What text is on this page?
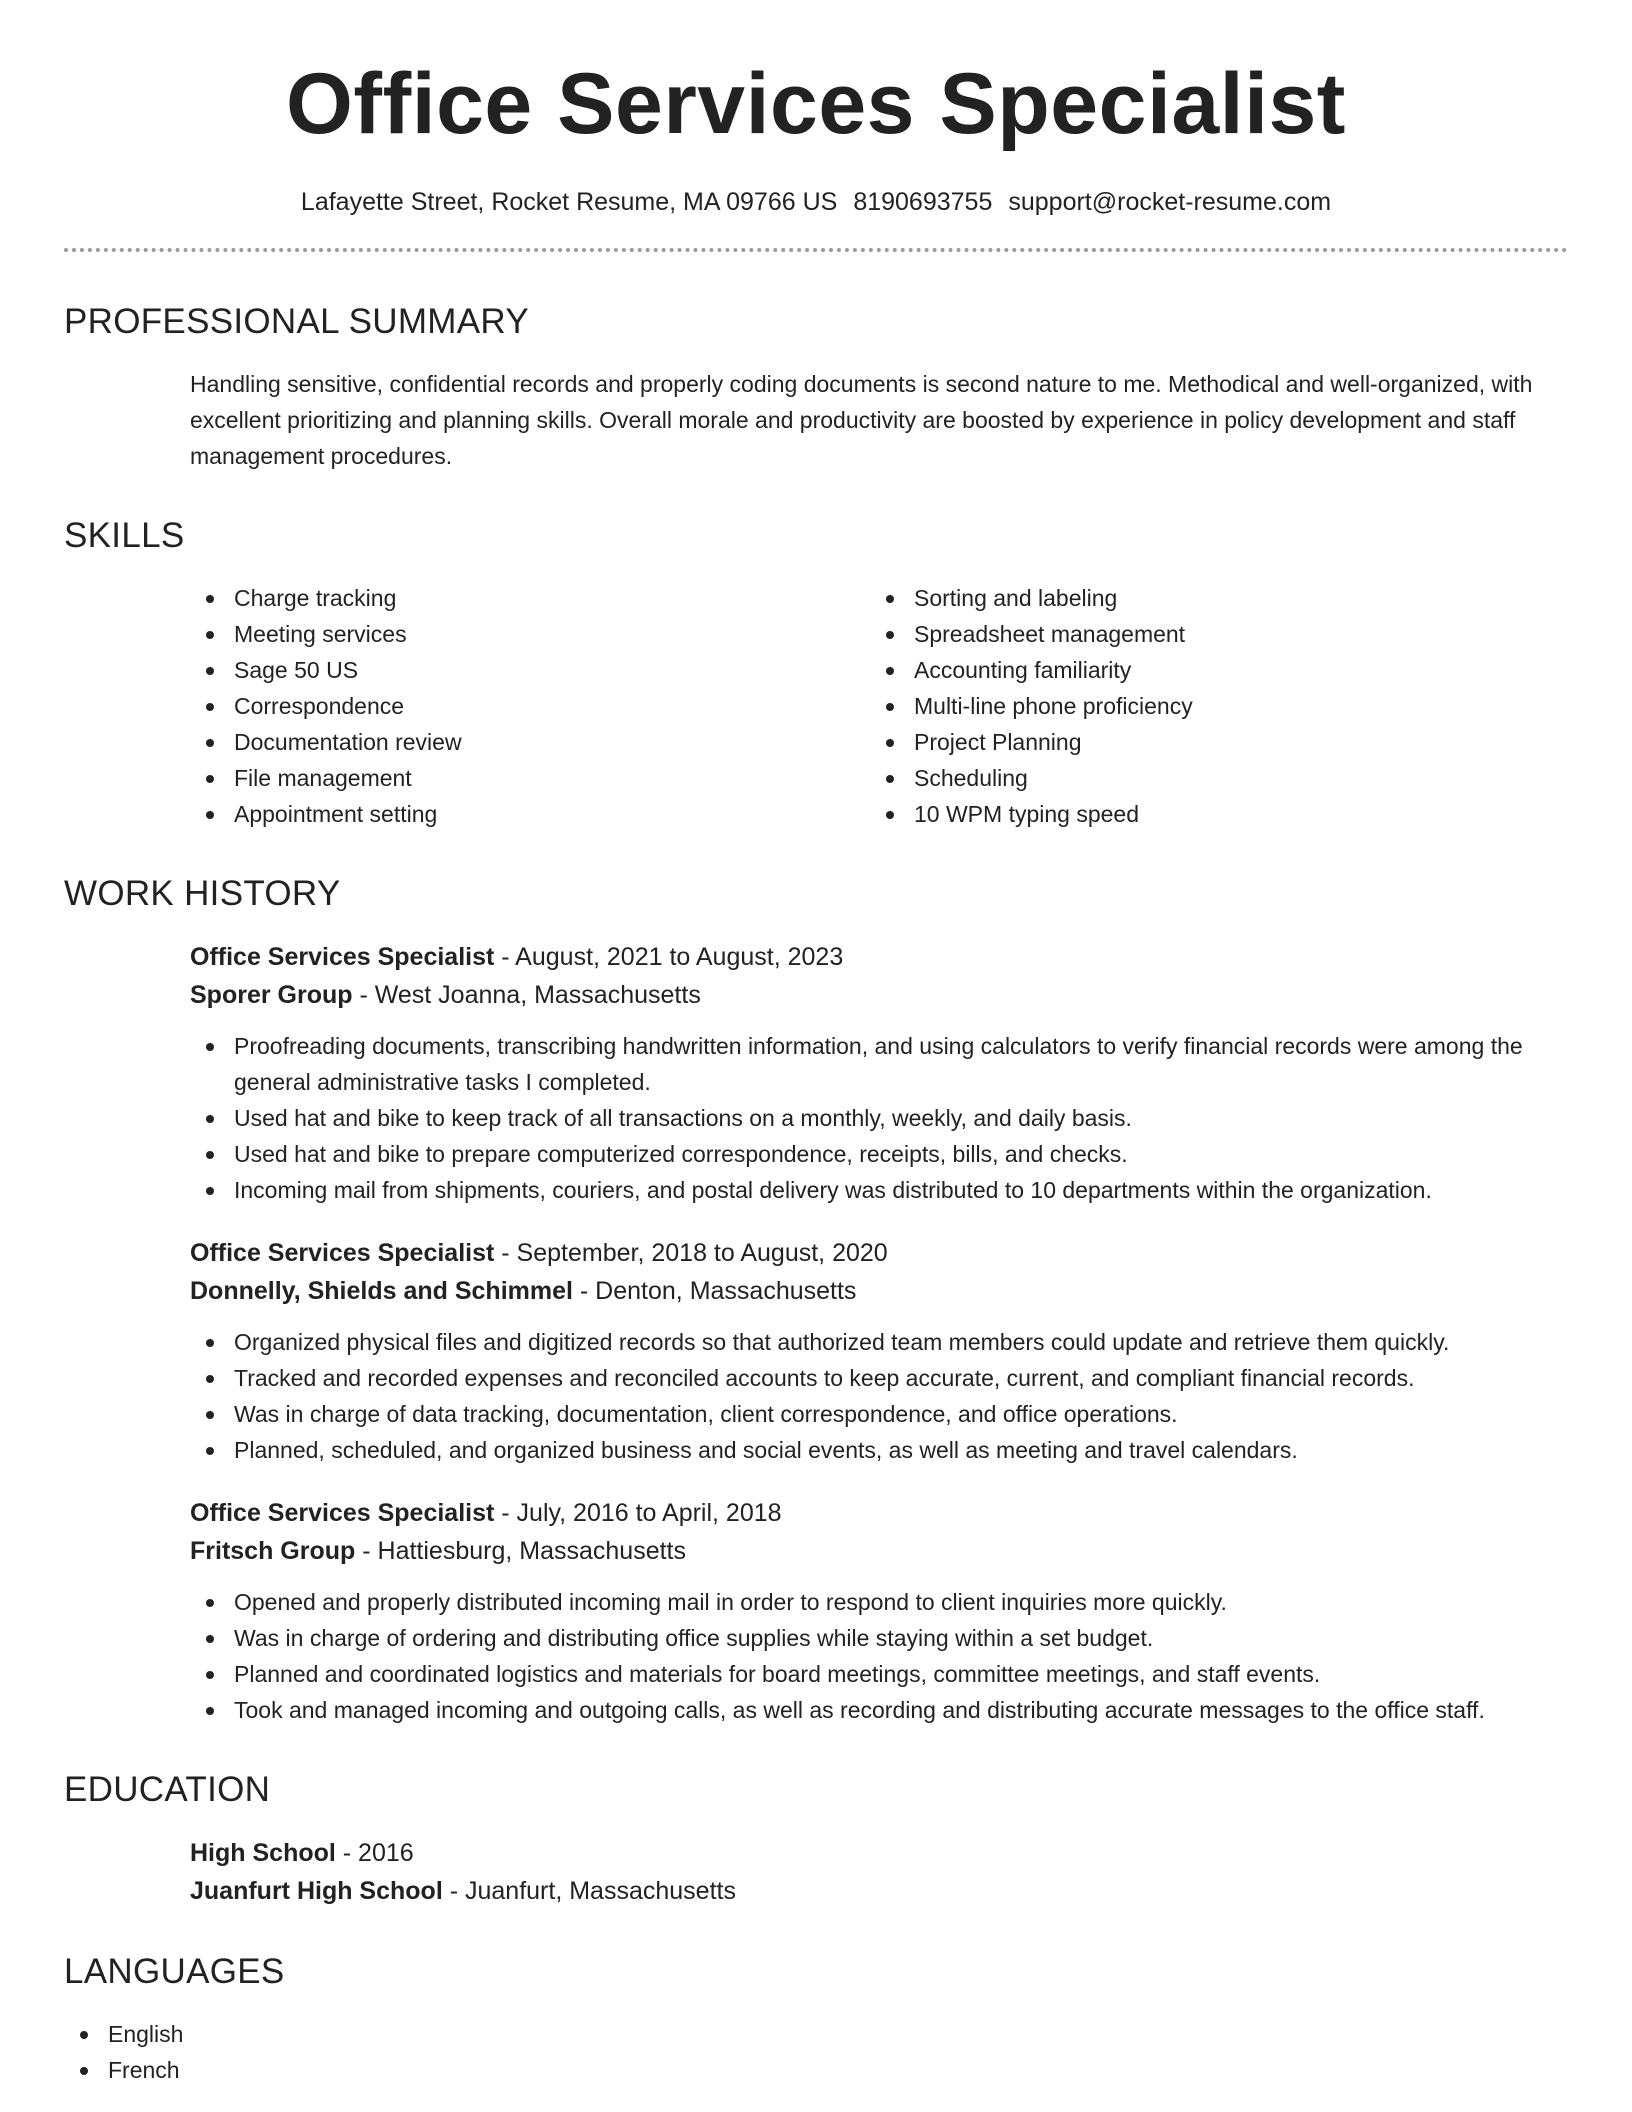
Office Services Specialist
Lafayette Street, Rocket Resume, MA 09766 US 8190693755 support@rocket-resume.com
PROFESSIONAL SUMMARY
Handling sensitive, confidential records and properly coding documents is second nature to me. Methodical and well-organized, with excellent prioritizing and planning skills. Overall morale and productivity are boosted by experience in policy development and staff management procedures.
SKILLS
Charge tracking
Meeting services
Sage 50 US
Correspondence
Documentation review
File management
Appointment setting
Sorting and labeling
Spreadsheet management
Accounting familiarity
Multi-line phone proficiency
Project Planning
Scheduling
10 WPM typing speed
WORK HISTORY
Office Services Specialist - August, 2021 to August, 2023
Sporer Group - West Joanna, Massachusetts
Proofreading documents, transcribing handwritten information, and using calculators to verify financial records were among the general administrative tasks I completed.
Used hat and bike to keep track of all transactions on a monthly, weekly, and daily basis.
Used hat and bike to prepare computerized correspondence, receipts, bills, and checks.
Incoming mail from shipments, couriers, and postal delivery was distributed to 10 departments within the organization.
Office Services Specialist - September, 2018 to August, 2020
Donnelly, Shields and Schimmel - Denton, Massachusetts
Organized physical files and digitized records so that authorized team members could update and retrieve them quickly.
Tracked and recorded expenses and reconciled accounts to keep accurate, current, and compliant financial records.
Was in charge of data tracking, documentation, client correspondence, and office operations.
Planned, scheduled, and organized business and social events, as well as meeting and travel calendars.
Office Services Specialist - July, 2016 to April, 2018
Fritsch Group - Hattiesburg, Massachusetts
Opened and properly distributed incoming mail in order to respond to client inquiries more quickly.
Was in charge of ordering and distributing office supplies while staying within a set budget.
Planned and coordinated logistics and materials for board meetings, committee meetings, and staff events.
Took and managed incoming and outgoing calls, as well as recording and distributing accurate messages to the office staff.
EDUCATION
High School - 2016
Juanfurt High School - Juanfurt, Massachusetts
LANGUAGES
English
French
